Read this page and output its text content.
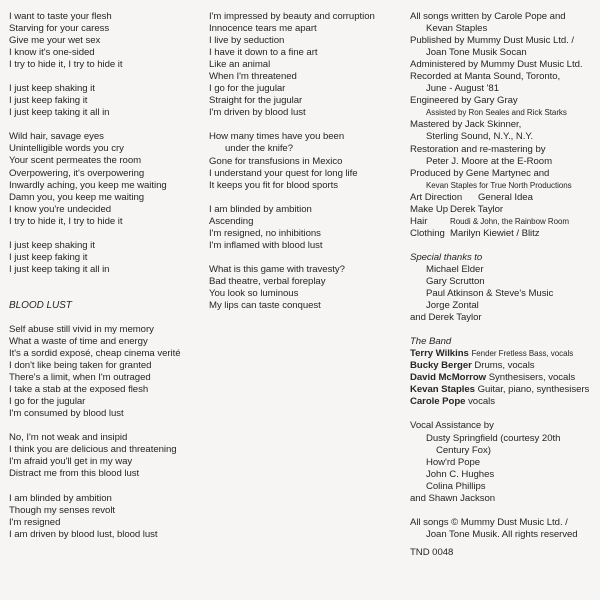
I want to taste your flesh
Starving for your caress
Give me your wet sex
I know it's one-sided
I try to hide it, I try to hide it
I just keep shaking it
I just keep faking it
I just keep taking it all in
Wild hair, savage eyes
Unintelligible words you cry
Your scent permeates the room
Overpowering, it's overpowering
Inwardly aching, you keep me waiting
Damn you, you keep me waiting
I know you're undecided
I try to hide it, I try to hide it
I just keep shaking it
I just keep faking it
I just keep taking it all in
BLOOD LUST
Self abuse still vivid in my memory
What a waste of time and energy
It's a sordid exposé, cheap cinema verité
I don't like being taken for granted
There's a limit, when I'm outraged
I take a stab at the exposed flesh
I go for the jugular
I'm consumed by blood lust
No, I'm not weak and insipid
I think you are delicious and threatening
I'm afraid you'll get in my way
Distract me from this blood lust
I am blinded by ambition
Though my senses revolt
I'm resigned
I am driven by blood lust, blood lust
I'm impressed by beauty and corruption
Innocence tears me apart
I live by seduction
I have it down to a fine art
Like an animal
When I'm threatened
I go for the jugular
Straight for the jugular
I'm driven by blood lust
How many times have you been
under the knife?
Gone for transfusions in Mexico
I understand your quest for long life
It keeps you fit for blood sports
I am blinded by ambition
Ascending
I'm resigned, no inhibitions
I'm inflamed with blood lust
What is this game with travesty?
Bad theatre, verbal foreplay
You look so luminous
My lips can taste conquest
All songs written by Carole Pope and
Kevan Staples
Published by Mummy Dust Music Ltd. /
Joan Tone Musik Socan
Administered by Mummy Dust Music Ltd.
Recorded at Manta Sound, Toronto,
June - August '81
Engineered by Gary Gray
Assisted by Ron Seales and Rick Starks
Mastered by Jack Skinner,
Sterling Sound, N.Y., N.Y.
Restoration and re-mastering by
Peter J. Moore at the E-Room
Produced by Gene Martynec and
Kevan Staples for True North Productions
Art Direction	General Idea
Make Up Derek Taylor
Hair	Roudi & John, the Rainbow Room
Clothing Marilyn Kiewiet / Blitz
Special thanks to
Michael Elder
Gary Scrutton
Paul Atkinson & Steve's Music
Jorge Zontal
and Derek Taylor
The Band
Terry Wilkins Fender Fretless Bass, vocals
Bucky Berger Drums, vocals
David McMorrow Synthesisers, vocals
Kevan Staples Guitar, piano, synthesisers
Carole Pope vocals
Vocal Assistance by
Dusty Springfield (courtesy 20th
Century Fox)
How'rd Pope
John C. Hughes
Colina Phillips
and Shawn Jackson
All songs © Mummy Dust Music Ltd. /
Joan Tone Musik. All rights reserved
TND 0048
